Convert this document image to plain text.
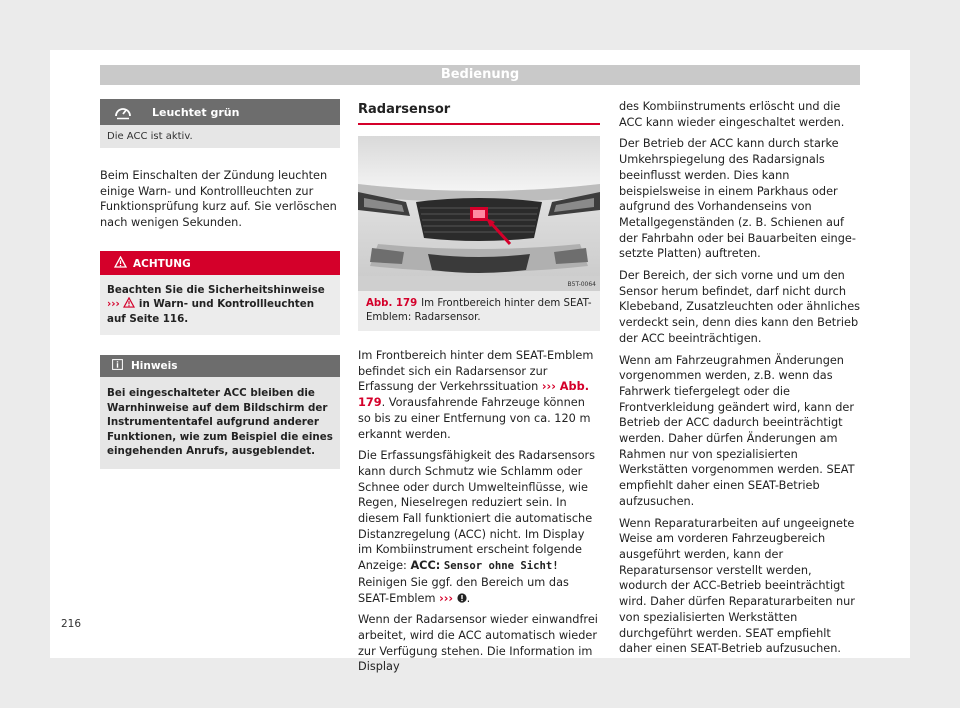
Bedienung
Leuchtet grün
Die ACC ist aktiv.

Beim Einschalten der Zündung leuchten einige Warn- und Kontrollleuchten zur Funktionsprüfung kurz auf. Sie verlöschen nach wenigen Sekunden.

ACHTUNG
Beachten Sie die Sicherheitshinweise ››› in Warn- und Kontrollleuchten auf Seite 116.
Hinweis
Bei eingeschalteter ACC bleiben die Warnhinweise auf dem Bildschirm der Instrumententafel aufgrund anderer Funktionen, wie zum Beispiel die eines eingehenden Anrufs, ausgeblendet.
Radarsensor
B5T-0064
Abb. 179 Im Frontbereich hinter dem SEAT-Emblem: Radarsensor.

Im Frontbereich hinter dem SEAT-Emblem befindet sich ein Radarsensor zur Erfassung der Verkehrssituation ››› Abb. 179. Vorausfahrende Fahrzeuge können so bis zu einer Entfernung von ca. 120 m erkannt werden.

Die Erfassungsfähigkeit des Radarsensors kann durch Schmutz wie Schlamm oder Schnee oder durch Umwelteinflüsse, wie Regen, Nieselregen reduziert sein. In diesem Fall funktioniert die automatische Distanzregelung (ACC) nicht. Im Display im Kombiinstrument erscheint folgende Anzeige: ACC: Sensor ohne Sicht! Reinigen Sie ggf. den Bereich um das SEAT-Emblem ››› .

Wenn der Radarsensor wieder einwandfrei arbeitet, wird die ACC automatisch wieder zur Verfügung stehen. Die Information im Display

des Kombiinstruments erlöscht und die ACC kann wieder eingeschaltet werden.

Der Betrieb der ACC kann durch starke Umkehrspiegelung des Radarsignals beeinflusst werden. Dies kann beispielsweise in einem Parkhaus oder aufgrund des Vorhandenseins von Metallgegenständen (z. B. Schienen auf der Fahrbahn oder bei Bauarbeiten eingesetzte Platten) auftreten.

Der Bereich, der sich vorne und um den Sensor herum befindet, darf nicht durch Klebeband, Zusatzleuchten oder ähnliches verdeckt sein, denn dies kann den Betrieb der ACC beeinträchtigen.

Wenn am Fahrzeugrahmen Änderungen vorgenommen werden, z.B. wenn das Fahrwerk tiefergelegt oder die Frontverkleidung geändert wird, kann der Betrieb der ACC dadurch beeinträchtigt werden. Daher dürfen Änderungen am Rahmen nur von spezialisierten Werkstätten vorgenommen werden. SEAT empfiehlt daher einen SEAT-Betrieb aufzusuchen.

Wenn Reparaturarbeiten auf ungeeignete Weise am vorderen Fahrzeugbereich ausgeführt werden, kann der Reparatursensor verstellt werden, wodurch der ACC-Betrieb beeinträchtigt wird. Daher dürfen Reparaturarbeiten nur von spezialisierten Werkstätten durchgeführt werden. SEAT empfiehlt daher einen SEAT-Betrieb aufzusuchen.

216
